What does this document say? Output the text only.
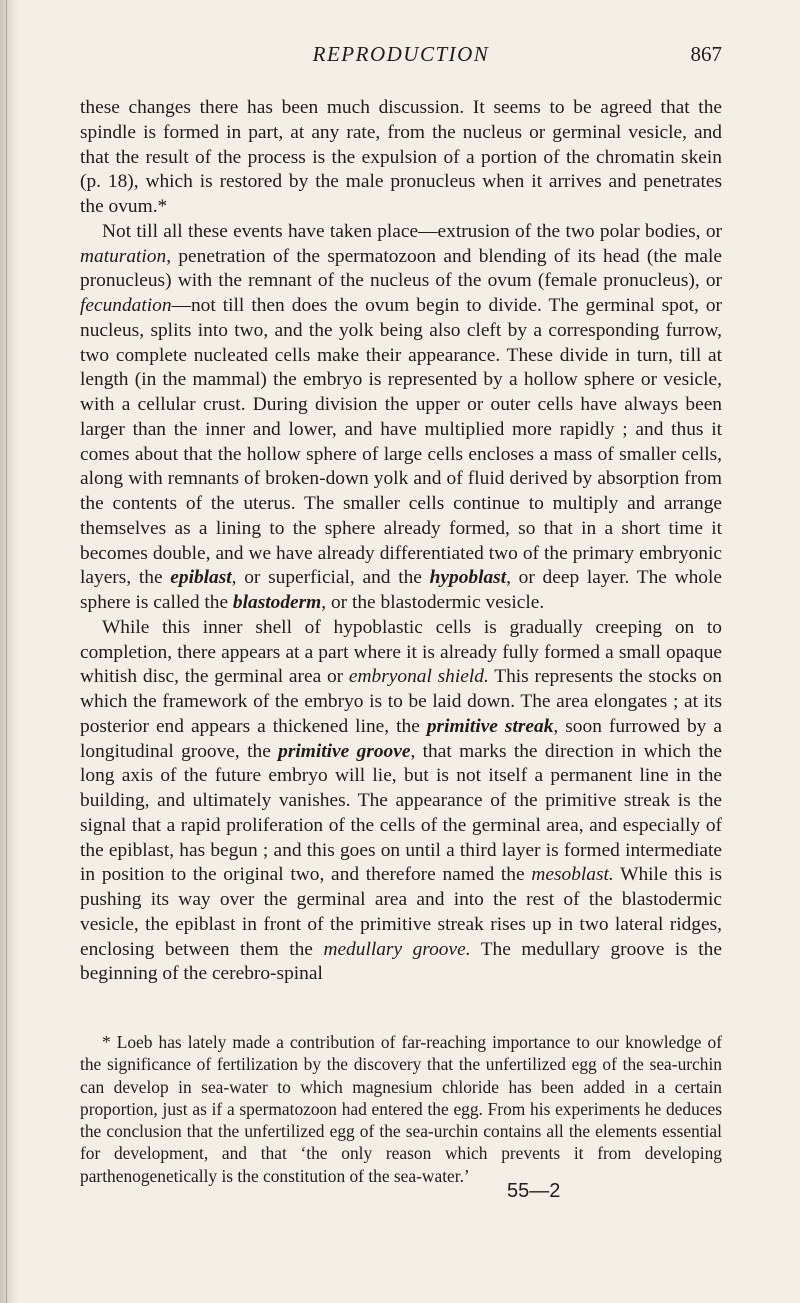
REPRODUCTION	867

these changes there has been much discussion. It seems to be agreed that the spindle is formed in part, at any rate, from the nucleus or germinal vesicle, and that the result of the process is the expulsion of a portion of the chromatin skein (p. 18), which is restored by the male pronucleus when it arrives and penetrates the ovum.*

Not till all these events have taken place—extrusion of the two polar bodies, or maturation, penetration of the spermatozoon and blending of its head (the male pronucleus) with the remnant of the nucleus of the ovum (female pronucleus), or fecundation—not till then does the ovum begin to divide. The germinal spot, or nucleus, splits into two, and the yolk being also cleft by a corresponding furrow, two complete nucleated cells make their appearance. These divide in turn, till at length (in the mammal) the embryo is represented by a hollow sphere or vesicle, with a cellular crust. During division the upper or outer cells have always been larger than the inner and lower, and have multiplied more rapidly ; and thus it comes about that the hollow sphere of large cells encloses a mass of smaller cells, along with remnants of broken-down yolk and of fluid derived by absorption from the contents of the uterus. The smaller cells continue to multiply and arrange themselves as a lining to the sphere already formed, so that in a short time it becomes double, and we have already differentiated two of the primary embryonic layers, the epiblast, or superficial, and the hypoblast, or deep layer. The whole sphere is called the blastoderm, or the blastodermic vesicle.

While this inner shell of hypoblastic cells is gradually creeping on to completion, there appears at a part where it is already fully formed a small opaque whitish disc, the germinal area or embryonal shield. This represents the stocks on which the framework of the embryo is to be laid down. The area elongates ; at its posterior end appears a thickened line, the primitive streak, soon furrowed by a longitudinal groove, the primitive groove, that marks the direction in which the long axis of the future embryo will lie, but is not itself a permanent line in the building, and ultimately vanishes. The appearance of the primitive streak is the signal that a rapid proliferation of the cells of the germinal area, and especially of the epiblast, has begun ; and this goes on until a third layer is formed intermediate in position to the original two, and therefore named the mesoblast. While this is pushing its way over the germinal area and into the rest of the blastodermic vesicle, the epiblast in front of the primitive streak rises up in two lateral ridges, enclosing between them the medullary groove. The medullary groove is the beginning of the cerebro-spinal

* Loeb has lately made a contribution of far-reaching importance to our knowledge of the significance of fertilization by the discovery that the unfertilized egg of the sea-urchin can develop in sea-water to which magnesium chloride has been added in a certain proportion, just as if a spermatozoon had entered the egg. From his experiments he deduces the conclusion that the unfertilized egg of the sea-urchin contains all the elements essential for development, and that ‘the only reason which prevents it from developing parthenogenetically is the constitution of the sea-water.’

55—2
